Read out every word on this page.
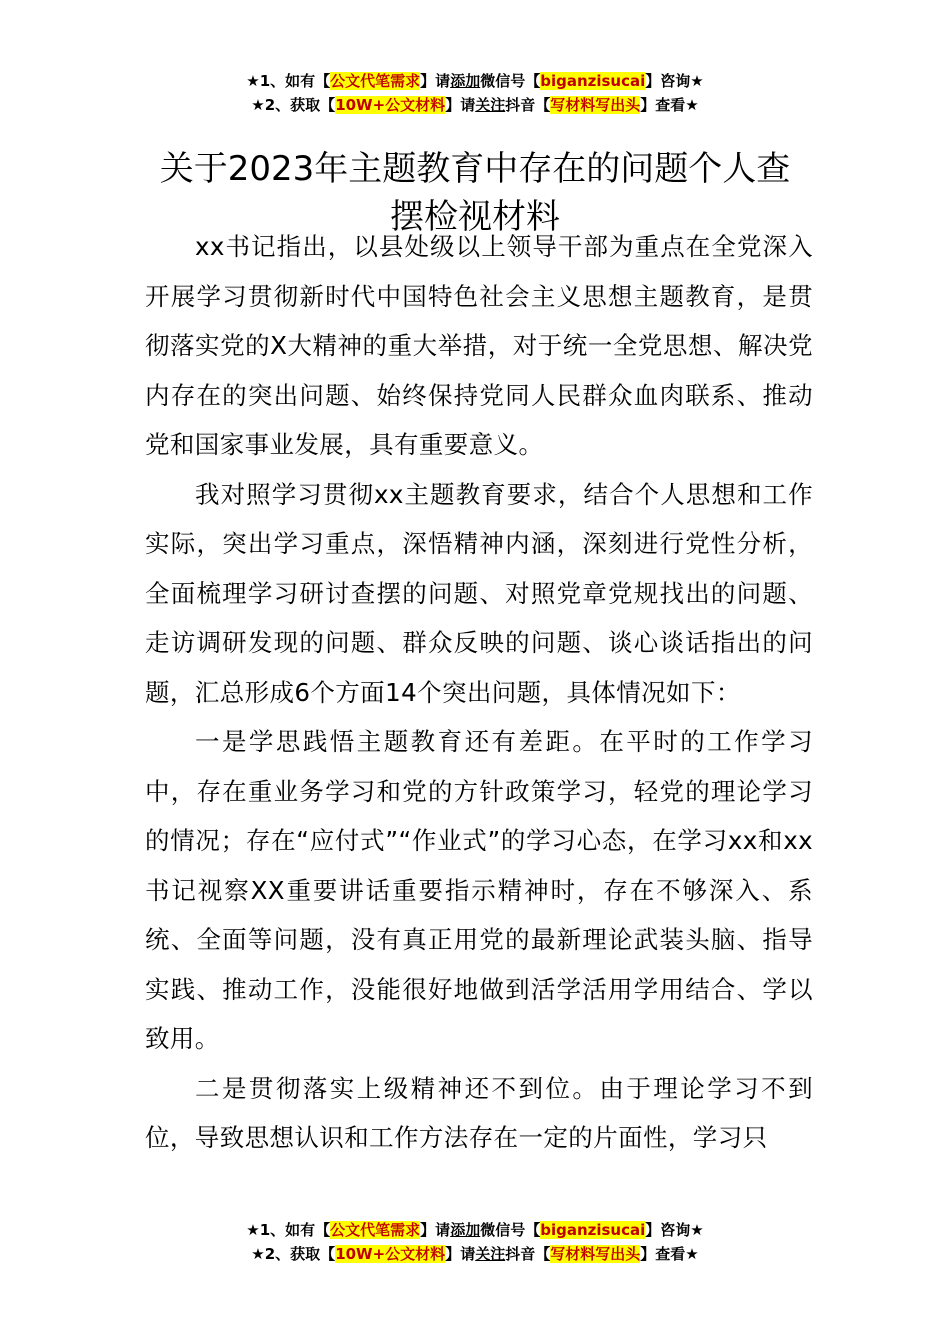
★1、如有【公文代笔需求】请添加微信号【biganzisucai】咨询★
★2、获取【10W+公文材料】请关注抖音【写材料写出头】查看★
关于2023年主题教育中存在的问题个人查
摆检视材料

xx书记指出，以县处级以上领导干部为重点在全党深入开展学习贯彻新时代中国特色社会主义思想主题教育，是贯彻落实党的X大精神的重大举措，对于统一全党思想、解决党内存在的突出问题、始终保持党同人民群众血肉联系、推动党和国家事业发展，具有重要意义。

我对照学习贯彻xx主题教育要求，结合个人思想和工作实际，突出学习重点，深悟精神内涵，深刻进行党性分析，全面梳理学习研讨查摆的问题、对照党章党规找出的问题、走访调研发现的问题、群众反映的问题、谈心谈话指出的问题，汇总形成6个方面14个突出问题，具体情况如下：

一是学思践悟主题教育还有差距。在平时的工作学习中，存在重业务学习和党的方针政策学习，轻党的理论学习的情况；存在“应付式”“作业式”的学习心态，在学习xx和xx书记视察XX重要讲话重要指示精神时，存在不够深入、系统、全面等问题，没有真正用党的最新理论武装头脑、指导实践、推动工作，没能很好地做到活学活用学用结合、学以致用。

二是贯彻落实上级精神还不到位。由于理论学习不到位，导致思想认识和工作方法存在一定的片面性，学习只

★1、如有【公文代笔需求】请添加微信号【biganzisucai】咨询★
★2、获取【10W+公文材料】请关注抖音【写材料写出头】查看★
